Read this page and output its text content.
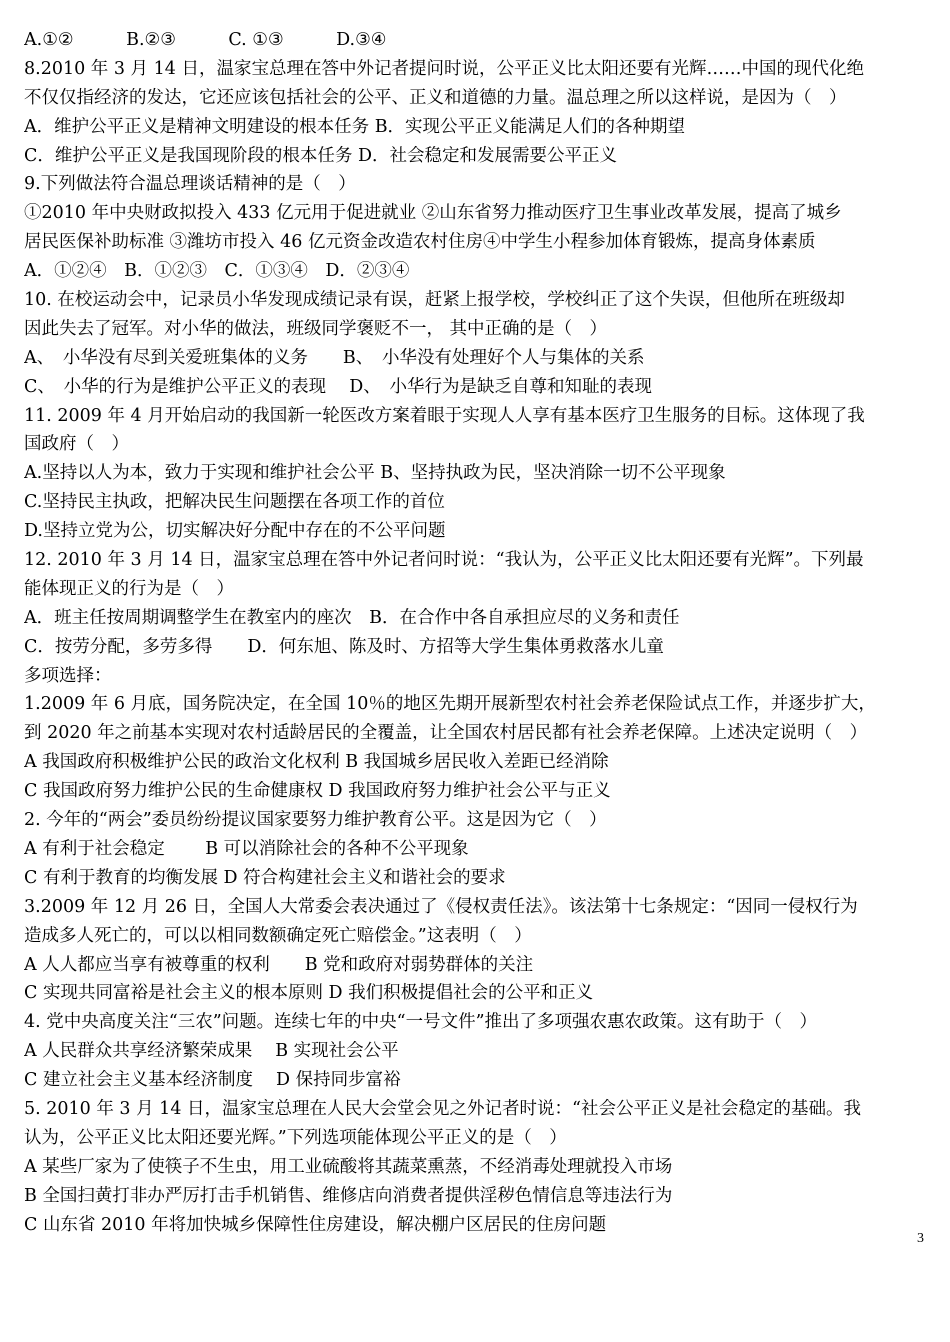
A.①②　　　B.②③　　　C. ①③　　　D.③④
8.2010 年 3 月 14 日，温家宝总理在答中外记者提问时说，公平正义比太阳还要有光辉……中国的现代化绝
不仅仅指经济的发达，它还应该包括社会的公平、正义和道德的力量。温总理之所以这样说，是因为（　）
A．维护公平正义是精神文明建设的根本任务 B．实现公平正义能满足人们的各种期望
C．维护公平正义是我国现阶段的根本任务 D．社会稳定和发展需要公平正义
9.下列做法符合温总理谈话精神的是（　）
①2010 年中央财政拟投入 433 亿元用于促进就业 ②山东省努力推动医疗卫生事业改革发展，提高了城乡
居民医保补助标准 ③潍坊市投入 46 亿元资金改造农村住房④中学生小程参加体育锻炼，提高身体素质
A．①②④　B．①②③　C．①③④　D．②③④
10. 在校运动会中，记录员小华发现成绩记录有误，赶紧上报学校，学校纠正了这个失误，但他所在班级却
因此失去了冠军。对小华的做法，班级同学褒贬不一， 其中正确的是（　）
A、　小华没有尽到关爱班集体的义务　　B、　小华没有处理好个人与集体的关系
C、　小华的行为是维护公平正义的表现　 D、　小华行为是缺乏自尊和知耻的表现
11. 2009 年 4 月开始启动的我国新一轮医改方案着眼于实现人人享有基本医疗卫生服务的目标。这体现了我
国政府（　）
A.坚持以人为本，致力于实现和维护社会公平 B、坚持执政为民，坚决消除一切不公平现象
C.坚持民主执政，把解决民生问题摆在各项工作的首位
D.坚持立党为公，切实解决好分配中存在的不公平问题
12. 2010 年 3 月 14 日，温家宝总理在答中外记者问时说：“我认为，公平正义比太阳还要有光辉”。下列最
能体现正义的行为是（　）
A．班主任按周期调整学生在教室内的座次　B．在合作中各自承担应尽的义务和责任
C．按劳分配，多劳多得　　D．何东旭、陈及时、方招等大学生集体勇救落水儿童
多项选择：
1.2009 年 6 月底，国务院决定，在全国 10％的地区先期开展新型农村社会养老保险试点工作，并逐步扩大，
到 2020 年之前基本实现对农村适龄居民的全覆盖，让全国农村居民都有社会养老保障。上述决定说明（　）
A 我国政府积极维护公民的政治文化权利 B 我国城乡居民收入差距已经消除
C 我国政府努力维护公民的生命健康权 D 我国政府努力维护社会公平与正义
2. 今年的“两会”委员纷纷提议国家要努力维护教育公平。这是因为它（　）
A 有利于社会稳定　　 B 可以消除社会的各种不公平现象
C 有利于教育的均衡发展 D 符合构建社会主义和谐社会的要求
3.2009 年 12 月 26 日，全国人大常委会表决通过了《侵权责任法》。该法第十七条规定：“因同一侵权行为
造成多人死亡的，可以以相同数额确定死亡赔偿金。”这表明（　）
A 人人都应当享有被尊重的权利　　B 党和政府对弱势群体的关注
C 实现共同富裕是社会主义的根本原则 D 我们积极提倡社会的公平和正义
4. 党中央高度关注“三农”问题。连续七年的中央“一号文件”推出了多项强农惠农政策。这有助于（　）
A 人民群众共享经济繁荣成果　 B 实现社会公平
C 建立社会主义基本经济制度　 D 保持同步富裕
5. 2010 年 3 月 14 日，温家宝总理在人民大会堂会见之外记者时说：“社会公平正义是社会稳定的基础。我
认为，公平正义比太阳还要光辉。”下列选项能体现公平正义的是（　）
A 某些厂家为了使筷子不生虫，用工业硫酸将其蔬菜熏蒸，不经消毒处理就投入市场
B 全国扫黄打非办严厉打击手机销售、维修店向消费者提供淫秽色情信息等违法行为
C 山东省 2010 年将加快城乡保障性住房建设，解决棚户区居民的住房问题
3
